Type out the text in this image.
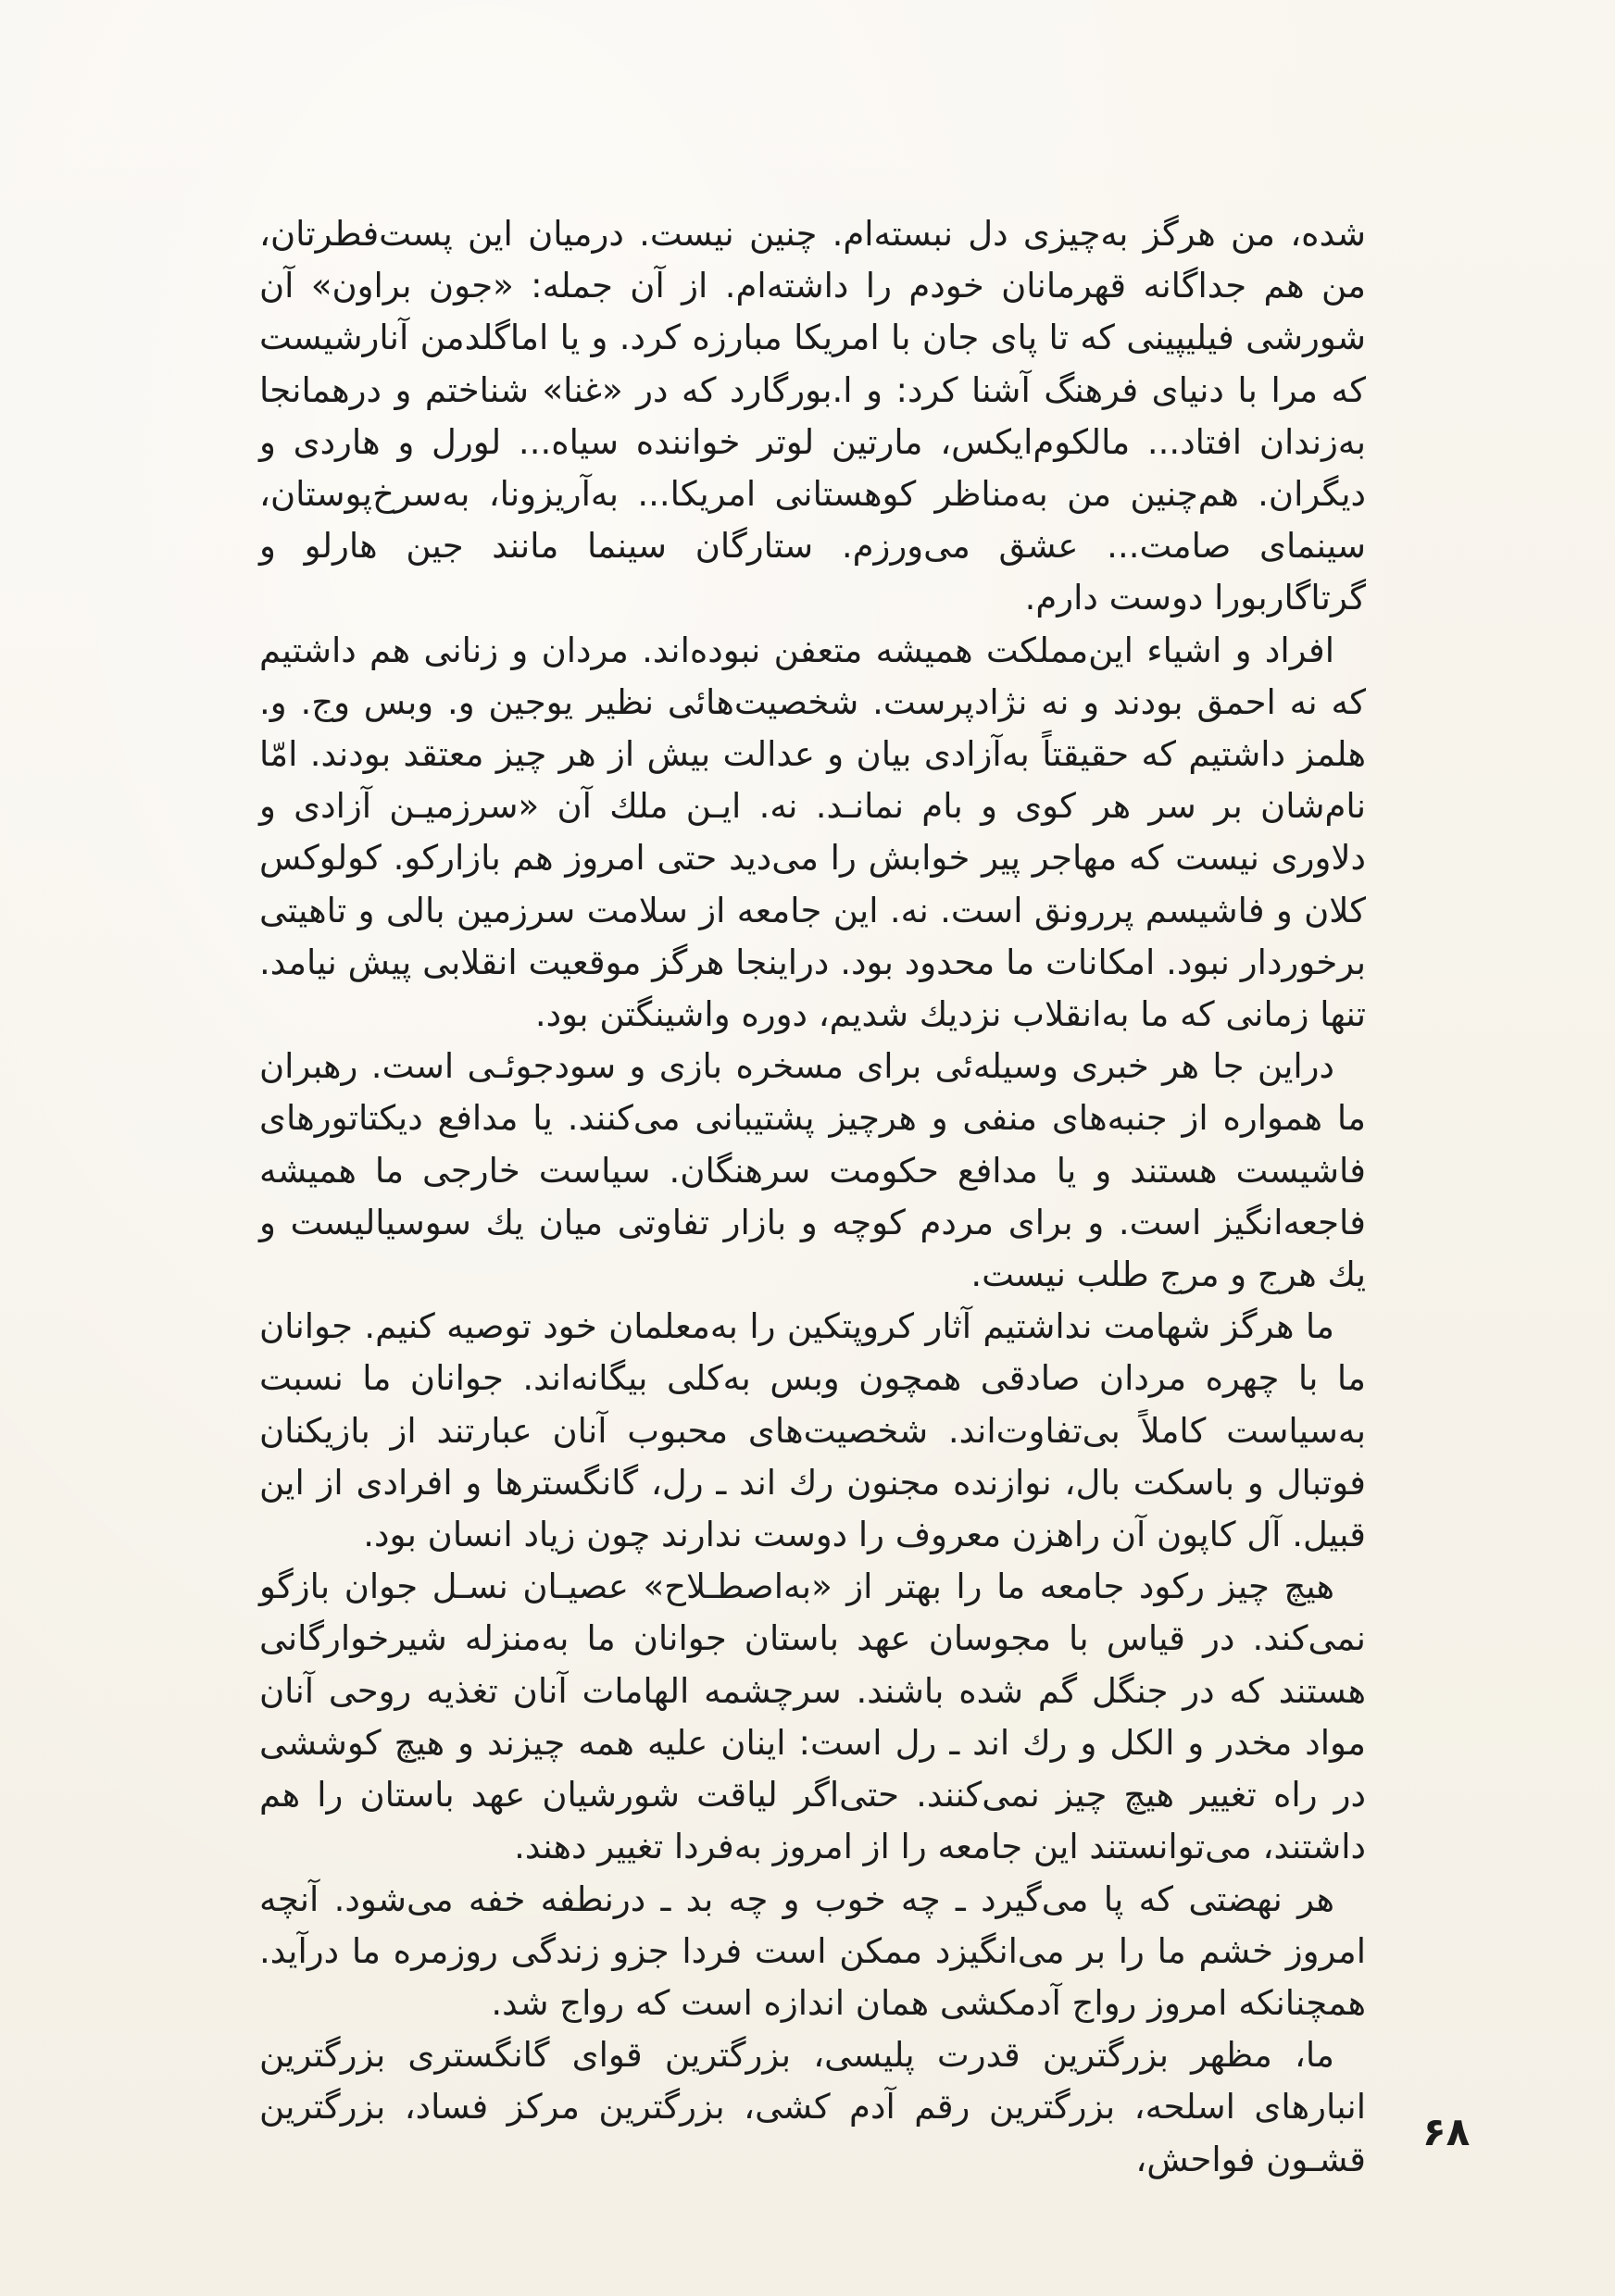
شده، من هرگز به‌چیزی دل نبسته‌ام. چنین نیست. درمیان این پست‌فطرتان، من هم جداگانه قهرمانان خودم را داشته‌ام. از آن جمله: «جون براون» آن شورشی فیلیپینی که تا پای جان با امریکا مبارزه کرد. و یا اماگلدمن آنارشیست که مرا با دنیای فرهنگ آشنا کرد: و ا.بورگارد که در «غنا» شناختم و درهمانجا به‌زندان افتاد... مالکوم‌ایکس، مارتین لوتر خواننده سیاه... لورل و هاردی و دیگران. هم‌چنین من به‌مناظر کوهستانی امریکا... به‌آریزونا، به‌سرخ‌پوستان، سینمای صامت... عشق می‌ورزم. ستارگان سینما مانند جین هارلو و گرتاگاربورا دوست دارم.

افراد و اشیاء این‌مملکت همیشه متعفن نبوده‌اند. مردان و زنانی هم داشتیم که نه احمق بودند و نه نژادپرست. شخصیت‌هائی نظیر یوجین و. وبس وج. و. هلمز داشتیم که حقیقتاً به‌آزادی بیان و عدالت بیش از هر چیز معتقد بودند. امّا نام‌شان بر سر هر کوی و بام نمانـد. نه. ایـن ملك آن «سرزمیـن آزادی و دلاوری نیست که مهاجر پیر خوابش را می‌دید حتی امروز هم بازارکو. کولوکس کلان و فاشیسم پررونق است. نه. این جامعه از سلامت سرزمین بالی و تاهیتی برخوردار نبود. امکانات ما محدود بود. دراینجا هرگز موقعیت انقلابی پیش نیامد. تنها زمانی که ما به‌انقلاب نزدیك شدیم، دوره واشینگتن بود.

دراین جا هر خبری وسیله‌ئی برای مسخره بازی و سودجوئـی است. رهبران ما همواره از جنبه‌های منفی و هرچیز پشتیبانی می‌کنند. یا مدافع دیکتاتورهای فاشیست هستند و یا مدافع حکومت سرهنگان. سیاست خارجی ما همیشه فاجعه‌انگیز است. و برای مردم کوچه و بازار تفاوتی میان یك سوسیالیست و یك هرج و مرج طلب نیست.

ما هرگز شهامت نداشتیم آثار کروپتکین را به‌معلمان خود توصیه کنیم. جوانان ما با چهره مردان صادقی همچون وبس به‌کلی بیگانه‌اند. جوانان ما نسبت به‌سیاست کاملاً بی‌تفاوت‌اند. شخصیت‌های محبوب آنان عبارتند از بازیکنان فوتبال و باسکت بال، نوازنده مجنون رك اند ـ رل، گانگسترها و افرادی از این قبیل. آل کاپون آن راهزن معروف را دوست ندارند چون زیاد انسان بود.

هیچ چیز رکود جامعه ما را بهتر از «به‌اصطـلاح» عصیـان نسـل جوان بازگو نمی‌کند. در قیاس با مجوسان عهد باستان جوانان ما به‌منزله شیرخوارگانی هستند که در جنگل گم شده باشند. سرچشمه الهامات آنان تغذیه روحی آنان مواد مخدر و الکل و رك اند ـ رل است: اینان علیه همه چیزند و هیچ کوششی در راه تغییر هیچ چیز نمی‌کنند. حتی‌اگر لیاقت شورشیان عهد باستان را هم داشتند، می‌توانستند این جامعه را از امروز به‌فردا تغییر دهند.

هر نهضتی که پا می‌گیرد ـ چه خوب و چه بد ـ درنطفه خفه می‌شود. آنچه امروز خشم ما را بر می‌انگیزد ممکن است فردا جزو زندگی روزمره ما درآید. همچنانکه امروز رواج آدمکشی همان اندازه است که رواج شد.

ما، مظهر بزرگترین قدرت پلیسی، بزرگترین قوای گانگستری بزرگترین انبارهای اسلحه، بزرگترین رقم آدم کشی، بزرگترین مرکز فساد، بزرگترین قشـون فواحش،

۶۸
